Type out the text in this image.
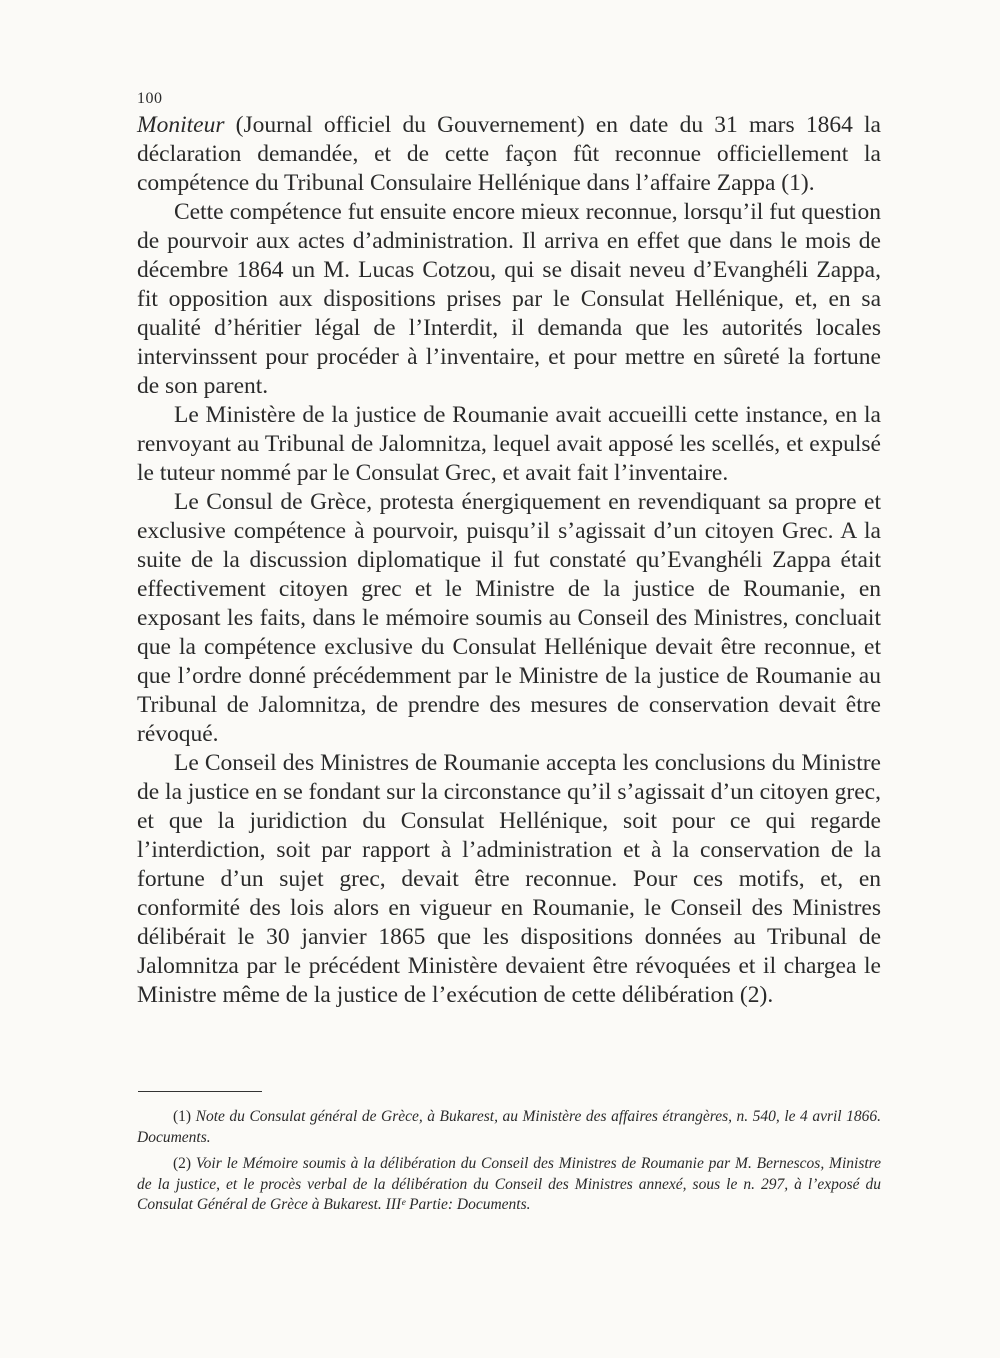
100

Moniteur (Journal officiel du Gouvernement) en date du 31 mars 1864 la déclaration demandée, et de cette façon fût reconnue officiellement la compétence du Tribunal Consulaire Hellénique dans l’affaire Zappa (1).

Cette compétence fut ensuite encore mieux reconnue, lorsqu’il fut question de pourvoir aux actes d’administration. Il arriva en effet que dans le mois de décembre 1864 un M. Lucas Cotzou, qui se disait neveu d’Evanghéli Zappa, fit opposition aux dispositions prises par le Consulat Hellénique, et, en sa qualité d’héritier légal de l’Interdit, il demanda que les autorités locales intervinssent pour procéder à l’inventaire, et pour mettre en sûreté la fortune de son parent.

Le Ministère de la justice de Roumanie avait accueilli cette instance, en la renvoyant au Tribunal de Jalomnitza, lequel avait apposé les scellés, et expulsé le tuteur nommé par le Consulat Grec, et avait fait l’inventaire.

Le Consul de Grèce, protesta énergiquement en revendiquant sa propre et exclusive compétence à pourvoir, puisqu’il s’agissait d’un citoyen Grec. A la suite de la discussion diplomatique il fut constaté qu’Evanghéli Zappa était effectivement citoyen grec et le Ministre de la justice de Roumanie, en exposant les faits, dans le mémoire soumis au Conseil des Ministres, concluait que la compétence exclusive du Consulat Hellénique devait être reconnue, et que l’ordre donné précédemment par le Ministre de la justice de Roumanie au Tribunal de Jalomnitza, de prendre des mesures de conservation devait être révoqué.

Le Conseil des Ministres de Roumanie accepta les conclusions du Ministre de la justice en se fondant sur la circonstance qu’il s’agissait d’un citoyen grec, et que la juridiction du Consulat Hellénique, soit pour ce qui regarde l’interdiction, soit par rapport à l’administration et à la conservation de la fortune d’un sujet grec, devait être reconnue. Pour ces motifs, et, en conformité des lois alors en vigueur en Roumanie, le Conseil des Ministres délibérait le 30 janvier 1865 que les dispositions données au Tribunal de Jalomnitza par le précédent Ministère devaient être révoquées et il chargea le Ministre même de la justice de l’exécution de cette délibération (2).

(1) Note du Consulat général de Grèce, à Bukarest, au Ministère des affaires étrangères, n. 540, le 4 avril 1866. Documents.

(2) Voir le Mémoire soumis à la délibération du Conseil des Ministres de Roumanie par M. Bernescos, Ministre de la justice, et le procès verbal de la délibération du Conseil des Ministres annexé, sous le n. 297, à l’exposé du Consulat Général de Grèce à Bukarest. IIIᵉ Partie: Documents.
